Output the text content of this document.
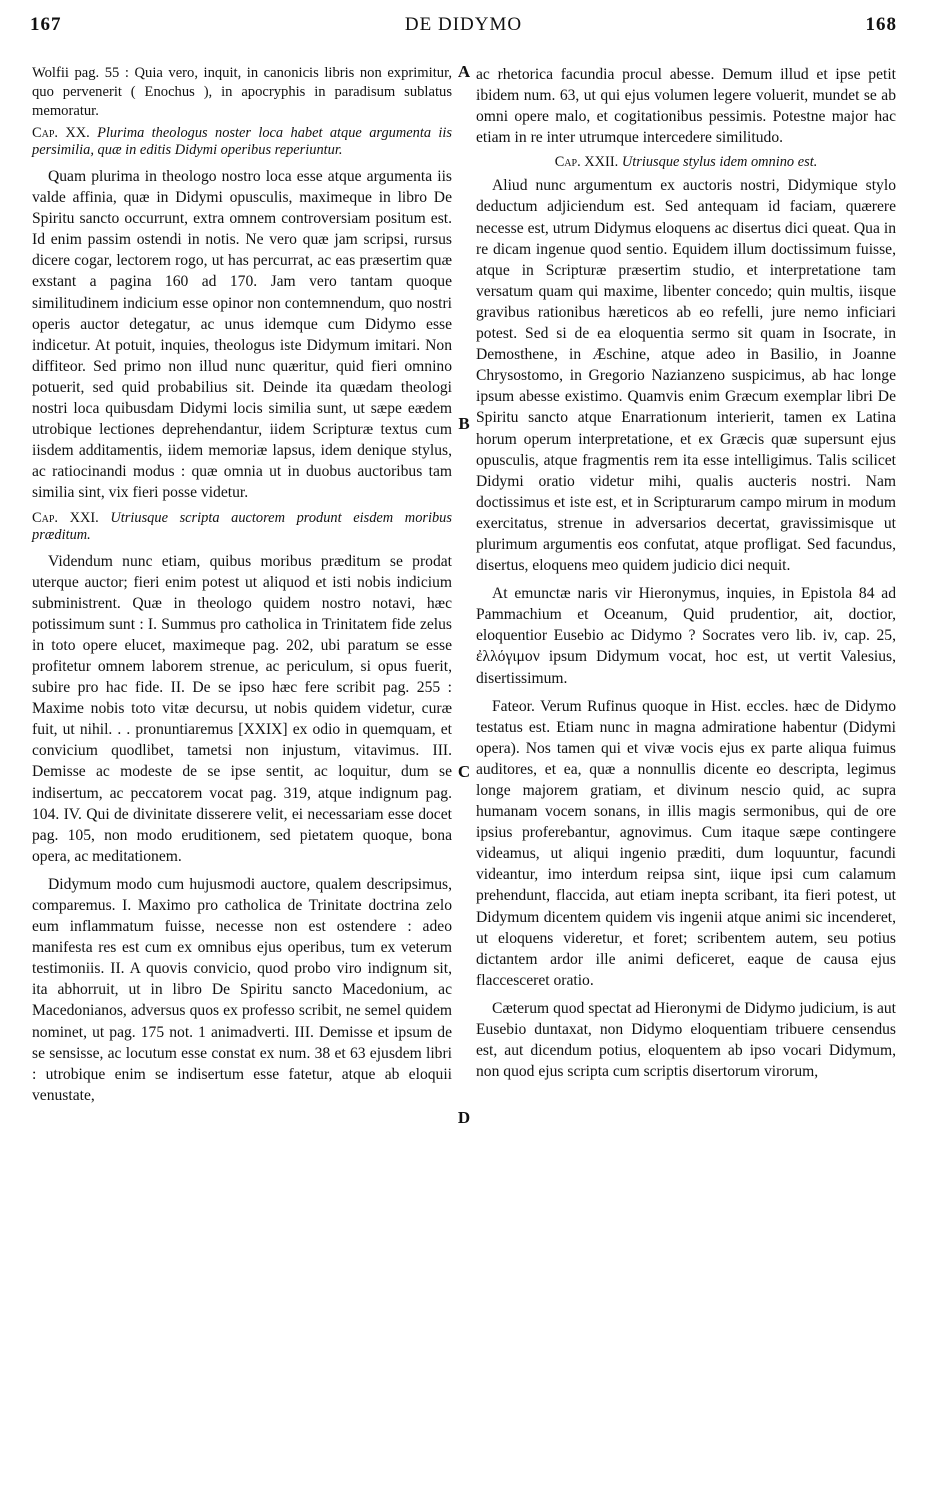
167	DE DIDYMO	168
A
B
C
D

Wolfii pag. 55 : Quia vero, inquit, in canonicis libris non exprimitur, quo pervenerit ( Enochus ), in apocryphis in paradisum sublatus memoratur.

Cap. XX. Plurima theologus noster loca habet atque argumenta iis persimilia, quæ in editis Didymi operibus reperiuntur.

Quam plurima in theologo nostro loca esse atque argumenta iis valde affinia, quæ in Didymi opusculis, maximeque in libro De Spiritu sancto occurrunt, extra omnem controversiam positum est. Id enim passim ostendi in notis. Ne vero quæ jam scripsi, rursus dicere cogar, lectorem rogo, ut has percurrat, ac eas præsertim quæ exstant a pagina 160 ad 170. Jam vero tantam quoque similitudinem indicium esse opinor non contemnendum, quo nostri operis auctor detegatur, ac unus idemque cum Didymo esse indicetur. At potuit, inquies, theologus iste Didymum imitari. Non diffiteor. Sed primo non illud nunc quæritur, quid fieri omnino potuerit, sed quid probabilius sit. Deinde ita quædam theologi nostri loca quibusdam Didymi locis similia sunt, ut sæpe eædem utrobique lectiones deprehendantur, iidem Scripturæ textus cum iisdem additamentis, iidem memoriæ lapsus, idem denique stylus, ac ratiocinandi modus : quæ omnia ut in duobus auctoribus tam similia sint, vix fieri posse videtur.

Cap. XXI. Utriusque scripta auctorem produnt eisdem moribus præditum.

Videndum nunc etiam, quibus moribus præditum se prodat uterque auctor; fieri enim potest ut aliquod et isti nobis indicium subministrent. Quæ in theologo quidem nostro notavi, hæc potissimum sunt : I. Summus pro catholica in Trinitatem fide zelus in toto opere elucet, maximeque pag. 202, ubi paratum se esse profitetur omnem laborem strenue, ac periculum, si opus fuerit, subire pro hac fide. II. De se ipso hæc fere scribit pag. 255 : Maxime nobis toto vitæ decursu, ut nobis quidem videtur, curæ fuit, ut nihil. . . pronuntiaremus [XXIX] ex odio in quemquam, et convicium quodlibet, tametsi non injustum, vitavimus. III. Demisse ac modeste de se ipse sentit, ac loquitur, dum se indisertum, ac peccatorem vocat pag. 319, atque indignum pag. 104. IV. Qui de divinitate disserere velit, ei necessariam esse docet pag. 105, non modo eruditionem, sed pietatem quoque, bona opera, ac meditationem.

Didymum modo cum hujusmodi auctore, qualem descripsimus, comparemus. I. Maximo pro catholica de Trinitate doctrina zelo eum inflammatum fuisse, necesse non est ostendere : adeo manifesta res est cum ex omnibus ejus operibus, tum ex veterum testimoniis. II. A quovis convicio, quod probo viro indignum sit, ita abhorruit, ut in libro De Spiritu sancto Macedonium, ac Macedonianos, adversus quos ex professo scribit, ne semel quidem nominet, ut pag. 175 not. 1 animadverti. III. Demisse et ipsum de se sensisse, ac locutum esse constat ex num. 38 et 63 ejusdem libri : utrobique enim se indisertum esse fatetur, atque ab eloquii venustate,

ac rhetorica facundia procul abesse. Demum illud et ipse petit ibidem num. 63, ut qui ejus volumen legere voluerit, mundet se ab omni opere malo, et cogitationibus pessimis. Potestne major hac etiam in re inter utrumque intercedere similitudo.

Cap. XXII. Utriusque stylus idem omnino est.

Aliud nunc argumentum ex auctoris nostri, Didymique stylo deductum adjiciendum est. Sed antequam id faciam, quærere necesse est, utrum Didymus eloquens ac disertus dici queat. Qua in re dicam ingenue quod sentio. Equidem illum doctissimum fuisse, atque in Scripturæ præsertim studio, et interpretatione tam versatum quam qui maxime, libenter concedo; quin multis, iisque gravibus rationibus hæreticos ab eo refelli, jure nemo inficiari potest. Sed si de ea eloquentia sermo sit quam in Isocrate, in Demosthene, in Æschine, atque adeo in Basilio, in Joanne Chrysostomo, in Gregorio Nazianzeno suspicimus, ab hac longe ipsum abesse existimo. Quamvis enim Græcum exemplar libri De Spiritu sancto atque Enarrationum interierit, tamen ex Latina horum operum interpretatione, et ex Græcis quæ supersunt ejus opusculis, atque fragmentis rem ita esse intelligimus. Talis scilicet Didymi oratio videtur mihi, qualis aucteris nostri. Nam doctissimus et iste est, et in Scripturarum campo mirum in modum exercitatus, strenue in adversarios decertat, gravissimisque ut plurimum argumentis eos confutat, atque profligat. Sed facundus, disertus, eloquens meo quidem judicio dici nequit.

At emunctæ naris vir Hieronymus, inquies, in Epistola 84 ad Pammachium et Oceanum, Quid prudentior, ait, doctior, eloquentior Eusebio ac Didymo ? Socrates vero lib. iv, cap. 25, ἐλλόγιμον ipsum Didymum vocat, hoc est, ut vertit Valesius, disertissimum.

Fateor. Verum Rufinus quoque in Hist. eccles. hæc de Didymo testatus est. Etiam nunc in magna admiratione habentur (Didymi opera). Nos tamen qui et vivæ vocis ejus ex parte aliqua fuimus auditores, et ea, quæ a nonnullis dicente eo descripta, legimus longe majorem gratiam, et divinum nescio quid, ac supra humanam vocem sonans, in illis magis sermonibus, qui de ore ipsius proferebantur, agnovimus. Cum itaque sæpe contingere videamus, ut aliqui ingenio præditi, dum loquuntur, facundi videantur, imo interdum reipsa sint, iique ipsi cum calamum prehendunt, flaccida, aut etiam inepta scribant, ita fieri potest, ut Didymum dicentem quidem vis ingenii atque animi sic incenderet, ut eloquens videretur, et foret; scribentem autem, seu potius dictantem ardor ille animi deficeret, eaque de causa ejus flaccesceret oratio.

Cæterum quod spectat ad Hieronymi de Didymo judicium, is aut Eusebio duntaxat, non Didymo eloquentiam tribuere censendus est, aut dicendum potius, eloquentem ab ipso vocari Didymum, non quod ejus scripta cum scriptis disertorum virorum,
